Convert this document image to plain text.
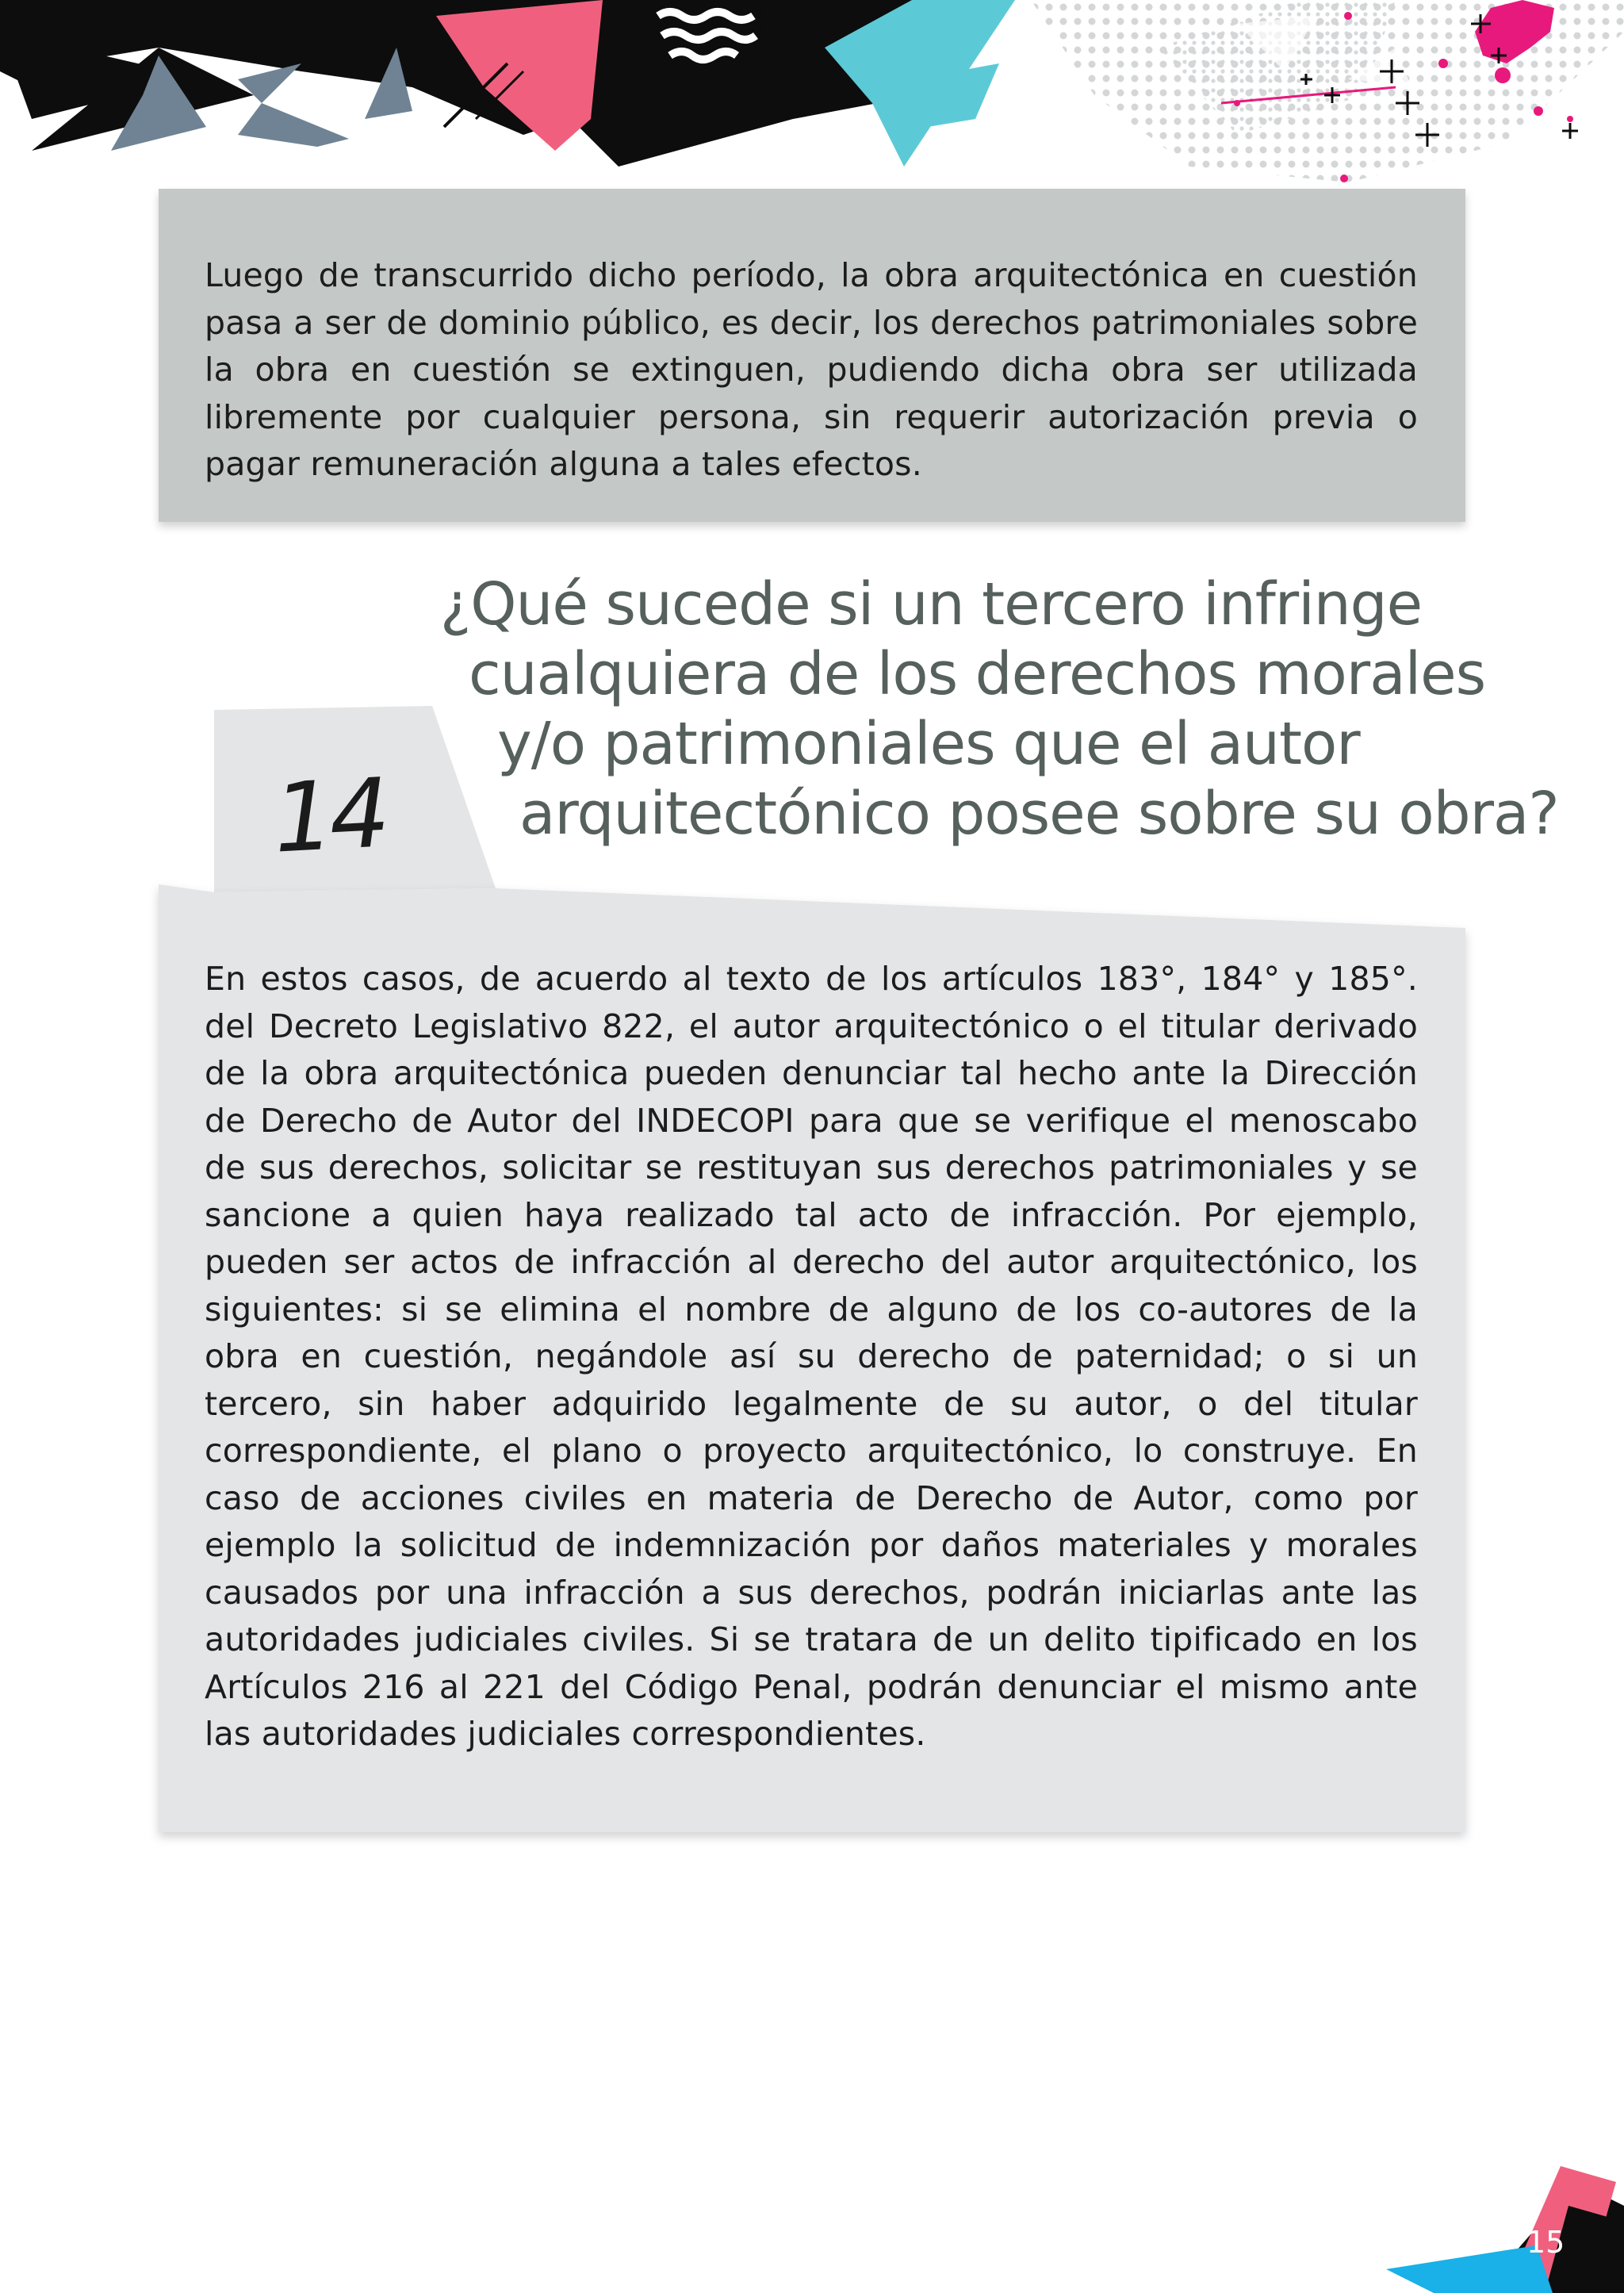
Luego de transcurrido dicho período, la obra arquitectónica en cuestión pasa a ser de dominio público, es decir, los derechos patrimoniales sobre la obra en cuestión se extinguen, pudiendo dicha obra ser utilizada libremente por cualquier persona, sin requerir autorización previa o pagar remuneración alguna a tales efectos.
En estos casos, de acuerdo al texto de los artículos 183°, 184° y 185°. del Decreto Legislativo 822, el autor arquitectónico o el titular derivado de la obra arquitectónica pueden denunciar tal hecho ante la Dirección de Derecho de Autor del INDECOPI para que se verifique el menoscabo de sus derechos, solicitar se restituyan sus derechos patrimoniales y se sancione a quien haya realizado tal acto de infracción. Por ejemplo, pueden ser actos de infracción al derecho del autor arquitectónico, los siguientes: si se elimina el nombre de alguno de los co-autores de la obra en cuestión, negándole así su derecho de paternidad; o si un tercero, sin haber adquirido legalmente de su autor, o del titular correspondiente, el plano o proyecto arquitectónico, lo construye. En caso de acciones civiles en materia de Derecho de Autor, como por ejemplo la solicitud de indemnización por daños materiales y morales causados por una infracción a sus derechos, podrán iniciarlas ante las autoridades judiciales civiles. Si se tratara de un delito tipificado en los Artículos 216 al 221 del Código Penal, podrán denunciar el mismo ante las autoridades judiciales correspondientes.
14
¿Qué sucede si un tercero infringe
cualquiera de los derechos morales
y/o patrimoniales que el autor
arquitectónico posee sobre su obra?
15
